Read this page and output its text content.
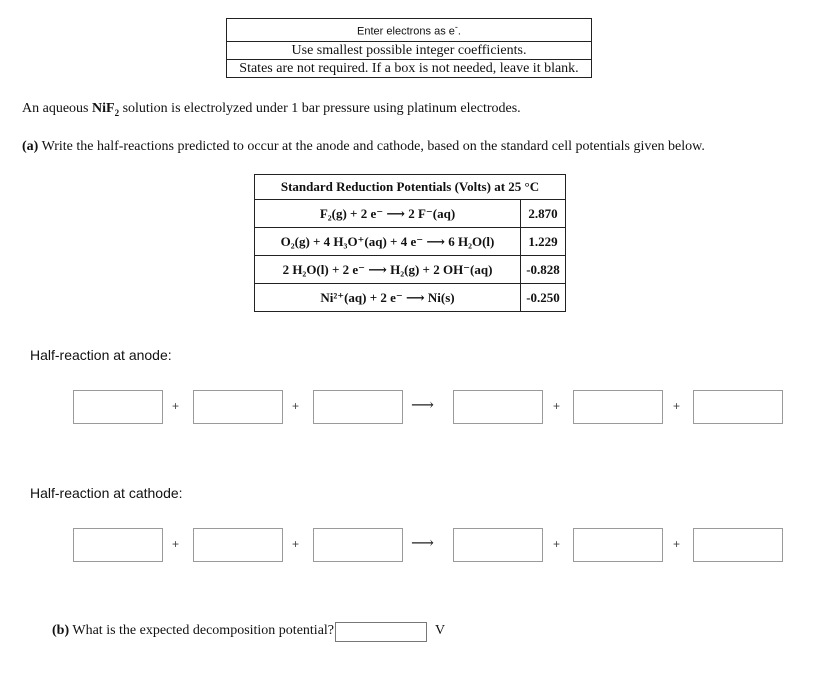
Enter electrons as e-.
Use smallest possible integer coefficients.
States are not required. If a box is not needed, leave it blank.
An aqueous NiF$_2$ solution is electrolyzed under 1 bar pressure using platinum electrodes.
(a) Write the half-reactions predicted to occur at the anode and cathode, based on the standard cell potentials given below.
Standard Reduction Potentials (Volts) at 25 °C	
F₂(g) + 2 e⁻ ⟶ 2 F⁻(aq)	2.870
O₂(g) + 4 H₃O⁺(aq) + 4 e⁻ ⟶ 6 H₂O(l)	1.229
2 H₂O(l) + 2 e⁻ ⟶ H₂(g) + 2 OH⁻(aq)	-0.828
Ni²⁺(aq) + 2 e⁻ ⟶ Ni(s)	-0.250
Half-reaction at anode:
+	+	⟶	+	+
Half-reaction at cathode:
+	+	⟶	+	+
(b) What is the expected decomposition potential?	V
